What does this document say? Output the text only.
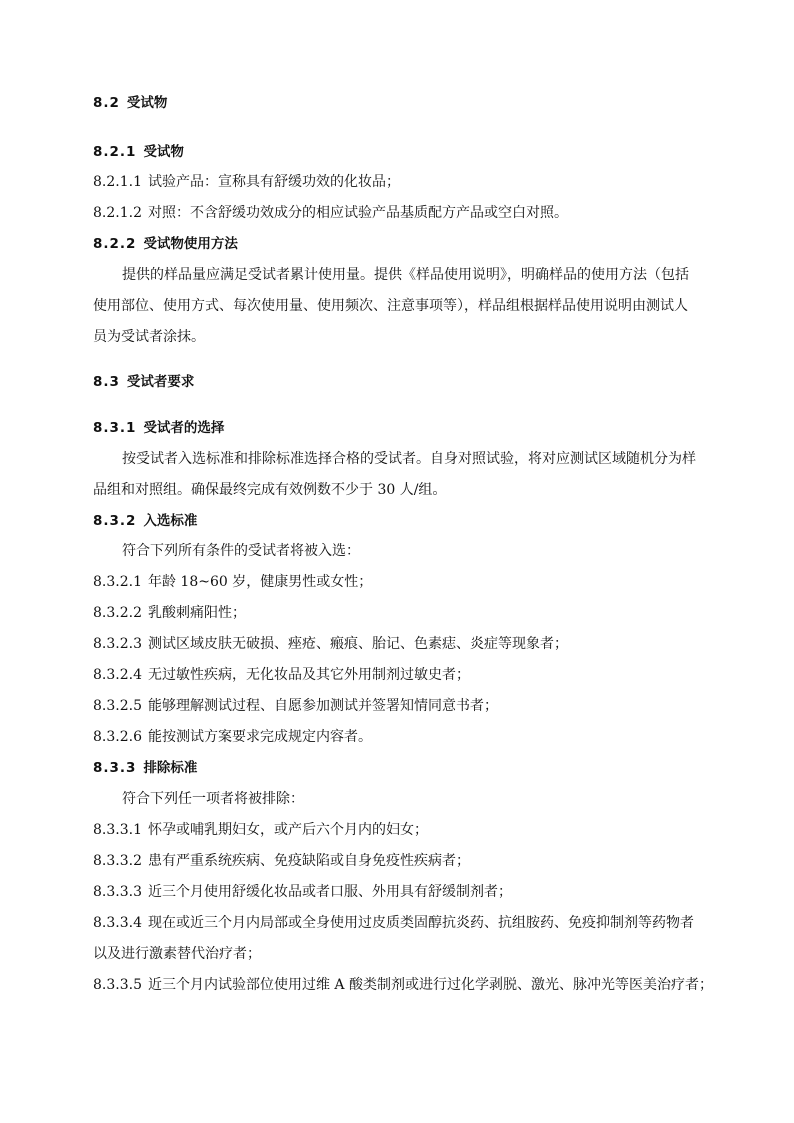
8.2 受试物
8.2.1 受试物
8.2.1.1 试验产品：宣称具有舒缓功效的化妆品；
8.2.1.2 对照：不含舒缓功效成分的相应试验产品基质配方产品或空白对照。
8.2.2 受试物使用方法
提供的样品量应满足受试者累计使用量。提供《样品使用说明》，明确样品的使用方法（包括
使用部位、使用方式、每次使用量、使用频次、注意事项等），样品组根据样品使用说明由测试人
员为受试者涂抹。
8.3 受试者要求
8.3.1 受试者的选择
按受试者入选标准和排除标准选择合格的受试者。自身对照试验，将对应测试区域随机分为样
品组和对照组。确保最终完成有效例数不少于 30 人/组。
8.3.2 入选标准
符合下列所有条件的受试者将被入选：
8.3.2.1 年龄 18~60 岁，健康男性或女性；
8.3.2.2 乳酸刺痛阳性；
8.3.2.3 测试区域皮肤无破损、痤疮、瘢痕、胎记、色素痣、炎症等现象者；
8.3.2.4 无过敏性疾病，无化妆品及其它外用制剂过敏史者；
8.3.2.5 能够理解测试过程、自愿参加测试并签署知情同意书者；
8.3.2.6 能按测试方案要求完成规定内容者。
8.3.3 排除标准
符合下列任一项者将被排除：
8.3.3.1 怀孕或哺乳期妇女，或产后六个月内的妇女；
8.3.3.2 患有严重系统疾病、免疫缺陷或自身免疫性疾病者；
8.3.3.3 近三个月使用舒缓化妆品或者口服、外用具有舒缓制剂者；
8.3.3.4 现在或近三个月内局部或全身使用过皮质类固醇抗炎药、抗组胺药、免疫抑制剂等药物者
以及进行激素替代治疗者；
8.3.3.5 近三个月内试验部位使用过维 A 酸类制剂或进行过化学剥脱、激光、脉冲光等医美治疗者；
